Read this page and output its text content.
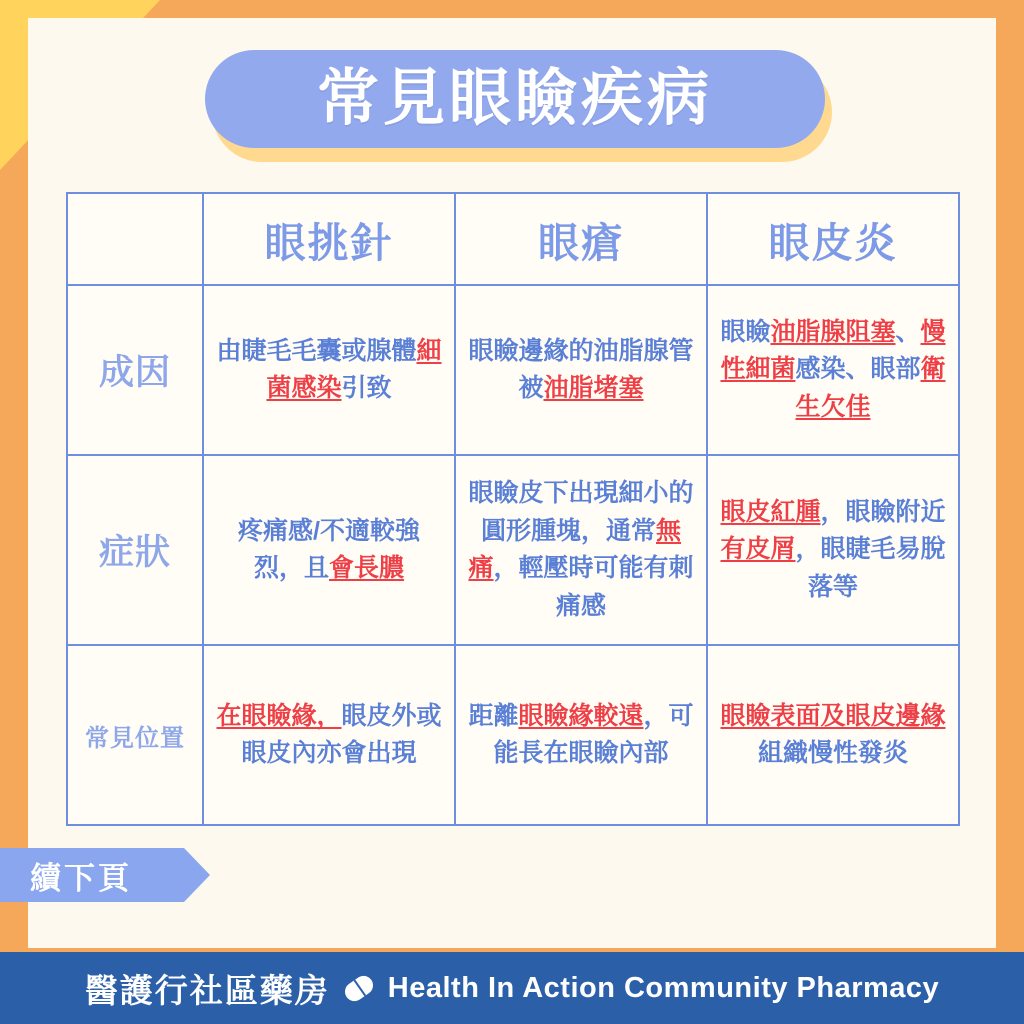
常見眼瞼疾病
	眼挑針	眼瘡	眼皮炎
成因	由睫毛毛囊或腺體細菌感染引致	眼瞼邊緣的油脂腺管被油脂堵塞	眼瞼油脂腺阻塞、慢性細菌感染、眼部衛生欠佳

症狀	疼痛感/不適較強烈，且會長膿	眼瞼皮下出現細小的圓形腫塊，通常無痛，輕壓時可能有刺痛感	眼皮紅腫，眼瞼附近有皮屑，眼睫毛易脫落等

常見位置	在眼瞼緣，眼皮外或眼皮內亦會出現	距離眼瞼緣較遠，可能長在眼瞼內部	眼瞼表面及眼皮邊緣組織慢性發炎
續下頁
醫護行社區藥房 Health In Action Community Pharmacy
